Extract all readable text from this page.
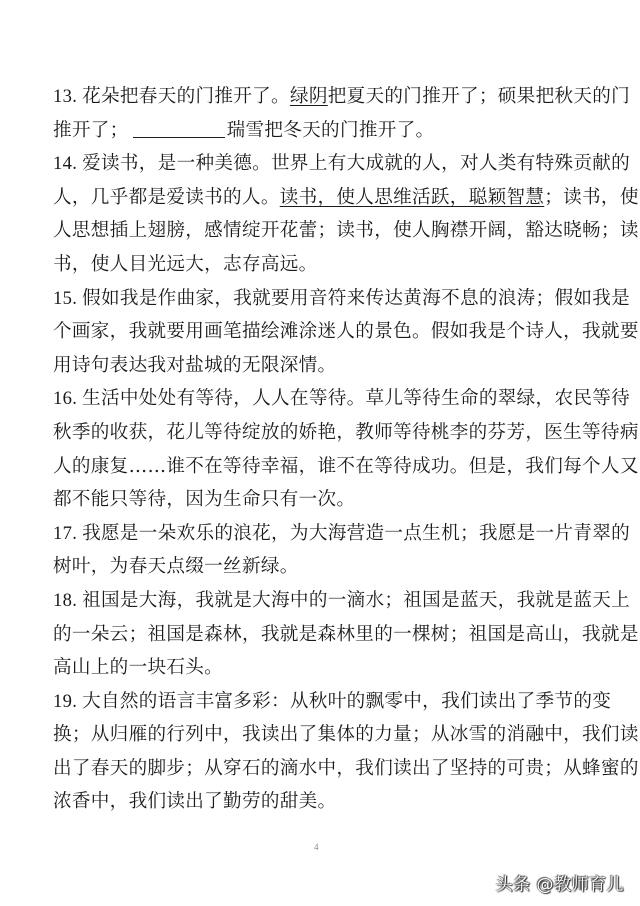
13. 花朵把春天的门推开了。绿阴把夏天的门推开了；硕果把秋天的门
推开了；	瑞雪把冬天的门推开了。
14. 爱读书，是一种美德。世界上有大成就的人，对人类有特殊贡献的
人，几乎都是爱读书的人。读书，使人思维活跃，聪颖智慧；读书，使
人思想插上翅膀，感情绽开花蕾；读书，使人胸襟开阔，豁达晓畅；读
书，使人目光远大，志存高远。
15. 假如我是作曲家，我就要用音符来传达黄海不息的浪涛；假如我是
个画家，我就要用画笔描绘滩涂迷人的景色。假如我是个诗人，我就要
用诗句表达我对盐城的无限深情。
16. 生活中处处有等待，人人在等待。草儿等待生命的翠绿，农民等待
秋季的收获，花儿等待绽放的娇艳，教师等待桃李的芬芳，医生等待病
人的康复……谁不在等待幸福，谁不在等待成功。但是，我们每个人又
都不能只等待，因为生命只有一次。
17. 我愿是一朵欢乐的浪花，为大海营造一点生机；我愿是一片青翠的
树叶，为春天点缀一丝新绿。
18. 祖国是大海，我就是大海中的一滴水；祖国是蓝天，我就是蓝天上
的一朵云；祖国是森林，我就是森林里的一棵树；祖国是高山，我就是
高山上的一块石头。
19. 大自然的语言丰富多彩：从秋叶的飘零中，我们读出了季节的变
换；从归雁的行列中，我读出了集体的力量；从冰雪的消融中，我们读
出了春天的脚步；从穿石的滴水中，我们读出了坚持的可贵；从蜂蜜的
浓香中，我们读出了勤劳的甜美。
4
头条 @教师育儿
